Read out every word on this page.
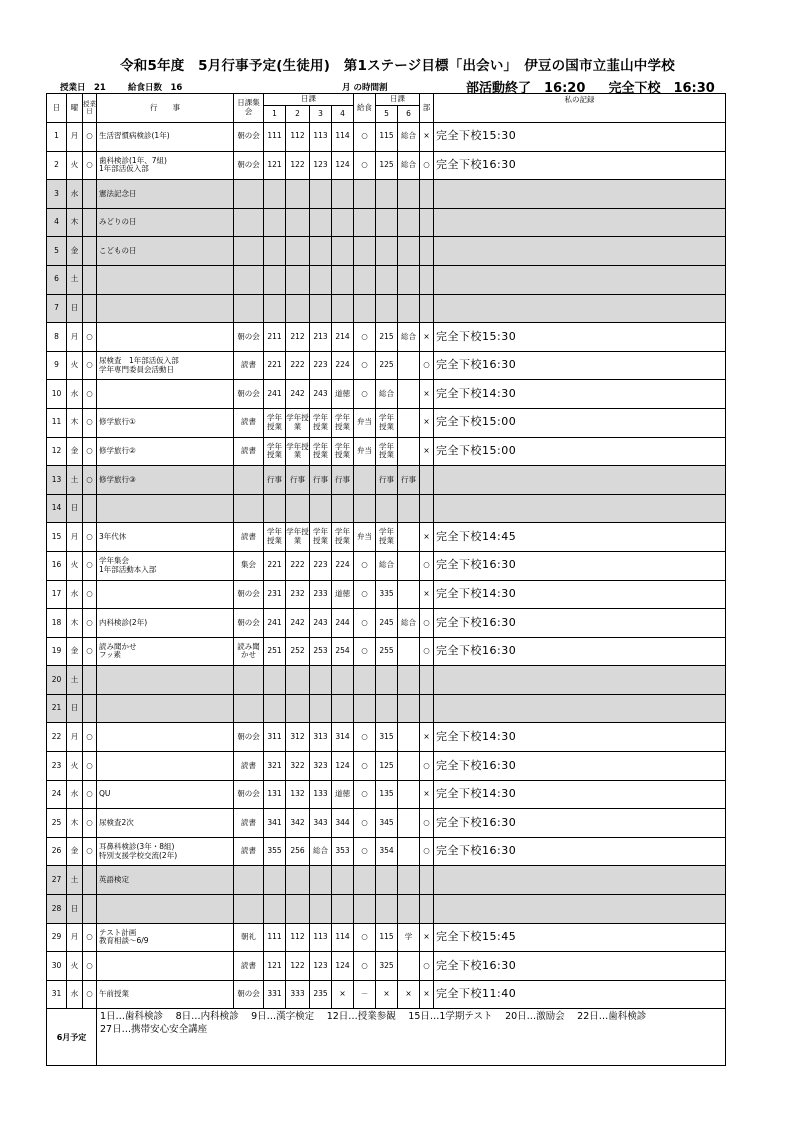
令和5年度　5月行事予定(生徒用)　第1ステージ目標「出会い」　伊豆の国市立韮山中学校
授業日　21	給食日数　16	月 の時間割	部活動終了　16:20 完全下校　16:30
日	曜	授業日	行　　事	日課集会	日課				給食	日課		部	私の記録
					1	2	3	4		5	6		
1	月	○	生活習慣病検診(1年)	朝の会	111	112	113	114	○	115	総合	×	完全下校15:30
2	火	○	歯科検診(1年、7組)
1年部活仮入部	朝の会	121	122	123	124	○	125	総合	○	完全下校16:30
3	水		憲法記念日										

4	木		みどりの日										

5	金		こどもの日										

6	土												
7	日												
8	月	○		朝の会	211	212	213	214	○	215	総合	×	完全下校15:30
9	火	○	尿検査　1年部活仮入部
学年専門委員会活動日	読書	221	222	223	224	○	225		○	完全下校16:30
10	水	○		朝の会	241	242	243	道徳	○	総合		×	完全下校14:30
11	木	○	修学旅行①	読書	学年授業	学年授業	学年授業	学年授業	弁当	学年授業		×	完全下校15:00
12	金	○	修学旅行②	読書	学年授業	学年授業	学年授業	学年授業	弁当	学年授業		×	完全下校15:00
13	土	○	修学旅行③		行事	行事	行事	行事		行事	行事		
14	日												
15	月	○	3年代休	読書	学年授業	学年授業	学年授業	学年授業	弁当	学年授業		×	完全下校14:45
16	火	○	学年集会
1年部活動本入部	集会	221	222	223	224	○	総合		○	完全下校16:30
17	水	○		朝の会	231	232	233	道徳	○	335		×	完全下校14:30
18	木	○	内科検診(2年)	朝の会	241	242	243	244	○	245	総合	○	完全下校16:30
19	金	○	読み聞かせ
フッ素	読み聞かせ	251	252	253	254	○	255		○	完全下校16:30
20	土												
21	日												
22	月	○		朝の会	311	312	313	314	○	315		×	完全下校14:30
23	火	○		読書	321	322	323	124	○	125		○	完全下校16:30
24	水	○	QU	朝の会	131	132	133	道徳	○	135		×	完全下校14:30
25	木	○	尿検査2次	読書	341	342	343	344	○	345		○	完全下校16:30
26	金	○	耳鼻科検診(3年・8組)
特別支援学校交流(2年)	読書	355	256	総合	353	○	354		○	完全下校16:30
27	土		英語検定										

28	日												
29	月	○	テスト計画
教育相談～6/9	朝礼	111	112	113	114	○	115	学	×	完全下校15:45
30	火	○		読書	121	122	123	124	○	325		○	完全下校16:30
31	水	○	午前授業	朝の会	331	333	235	×	－	×	×	×	完全下校11:40
6月予定			1日…歯科検診　 8日…内科検診　 9日…漢字検定　 12日…授業参観　 15日…1学期テスト　 20日…激励会　 22日…歯科検診
27日…携帯安心安全講座										
